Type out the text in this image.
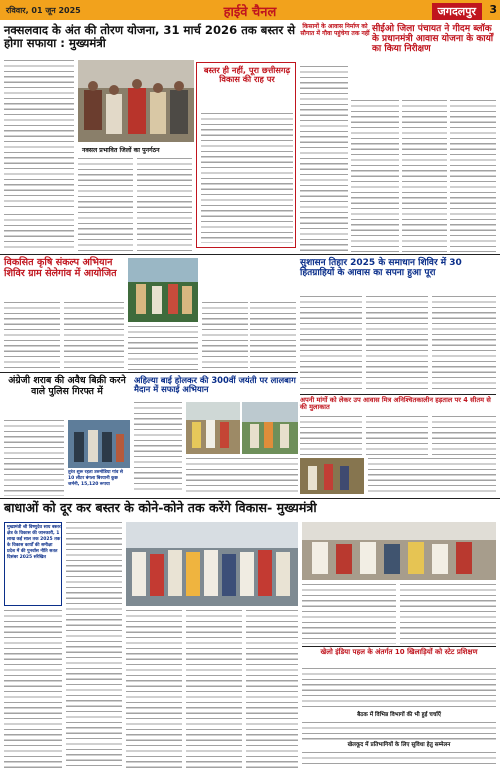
रविवार, 01 जून 2025	हाईवे चैनल	जगदलपुर	3
नक्सलवाद के अंत की तोरण योजना, 31 मार्च 2026 तक बस्तर से होगा सफाया : मुख्यमंत्री
बस्तर ही नहीं, पूरा छत्तीसगढ़ विकास की राह पर
नक्सल प्रभावित जिलों का पुनर्गठन
किसानों के आवास निर्माण को सौगात में गौवा पहुंचेगा तक नहीं सीईओ जिला पंचायत ने गीदम ब्लॉक के प्रधानमंत्री आवास योजना के कार्यों का किया निरीक्षण
विकसित कृषि संकल्प अभियान शिविर ग्राम सेलेगांव में आयोजित
सुशासन तिहार 2025 के समाधान शिविर में 30 हितग्राहियों के आवास का सपना हुआ पूरा
अपनी मांगों को लेकर उप आवास मित्र अनिश्चितकालीन हड़ताल पर 4 सीतम से की मुलाकात
अंग्रेजी शराब की अवैध बिक्री करने वाले पुलिस गिरफ्त में
तुरंत शुरू रहता उरुमोडिया गांव से 10 लीटर बंगला बिरयानी कुछ जर्मनी, 15,120 रूपया
अहिल्या बाई होलकर की 300वीं जयंती पर लालबाग मैदान में सफाई अभियान
बाधाओं को दूर कर बस्तर के कोने-कोने तक करेंगे विकास- मुख्यमंत्री
मुख्यमंत्री श्री विष्णुदेव साय बस्तर क्षेत्र के विकास की जानकारी, 1 लाख कई साल तक 2025 तक के विकास कार्यों की समीक्षा प्रदेश में की पुनर्वास नीति सतत दिसंबर 2025 संरेखित
खेलो इंडिया पहल के अंतर्गत 10 खिलाड़ियों को स्टेट प्रशिक्षण
बैठक में विभिन्न विभागों की भी हुई चर्चाएँ
खेलकूद में प्रतिभागियों के लिए सुविधा हेतु सम्मेलन
